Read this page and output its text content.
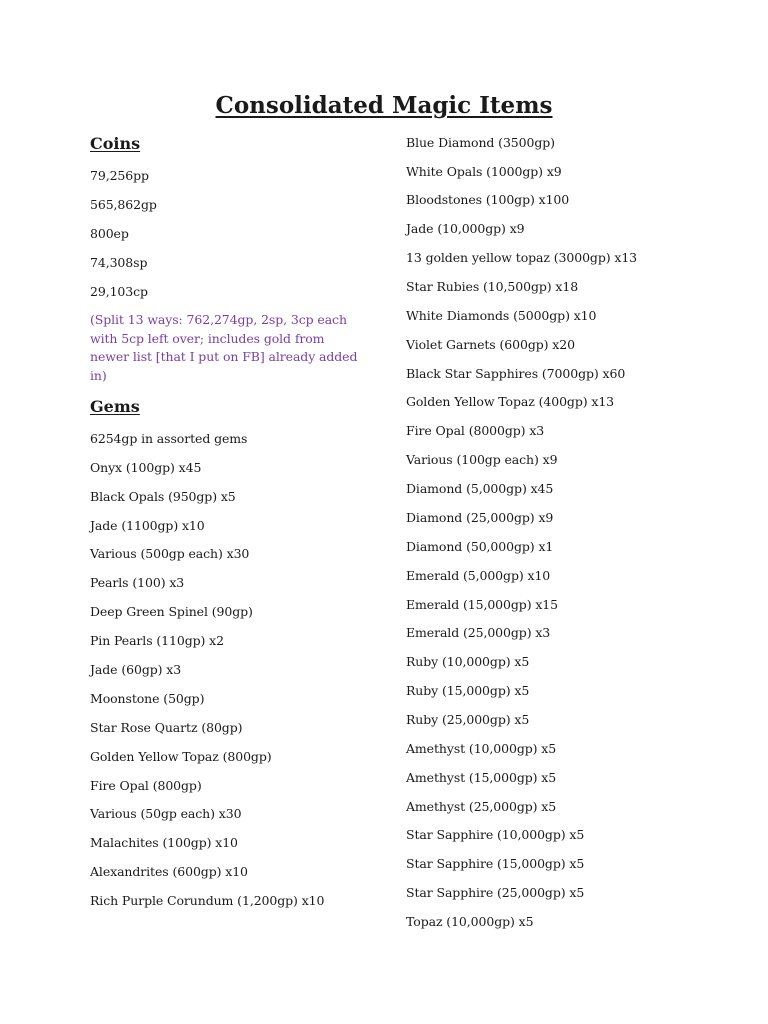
Consolidated Magic Items
Coins
79,256pp
565,862gp
800ep
74,308sp
29,103cp
(Split 13 ways: 762,274gp, 2sp, 3cp each with 5cp left over; includes gold from newer list [that I put on FB] already added in)
Gems
6254gp in assorted gems
Onyx (100gp) x45
Black Opals (950gp) x5
Jade (1100gp) x10
Various (500gp each) x30
Pearls (100) x3
Deep Green Spinel (90gp)
Pin Pearls (110gp) x2
Jade (60gp) x3
Moonstone (50gp)
Star Rose Quartz (80gp)
Golden Yellow Topaz (800gp)
Fire Opal (800gp)
Various (50gp each) x30
Malachites (100gp) x10
Alexandrites (600gp) x10
Rich Purple Corundum (1,200gp) x10
Blue Diamond (3500gp)
White Opals (1000gp) x9
Bloodstones (100gp) x100
Jade (10,000gp) x9
13 golden yellow topaz (3000gp) x13
Star Rubies (10,500gp) x18
White Diamonds (5000gp) x10
Violet Garnets (600gp) x20
Black Star Sapphires (7000gp) x60
Golden Yellow Topaz (400gp) x13
Fire Opal (8000gp) x3
Various (100gp each) x9
Diamond (5,000gp) x45
Diamond (25,000gp) x9
Diamond (50,000gp) x1
Emerald (5,000gp) x10
Emerald (15,000gp) x15
Emerald (25,000gp) x3
Ruby (10,000gp) x5
Ruby (15,000gp) x5
Ruby (25,000gp) x5
Amethyst (10,000gp) x5
Amethyst (15,000gp) x5
Amethyst (25,000gp) x5
Star Sapphire (10,000gp) x5
Star Sapphire (15,000gp) x5
Star Sapphire (25,000gp) x5
Topaz (10,000gp) x5
